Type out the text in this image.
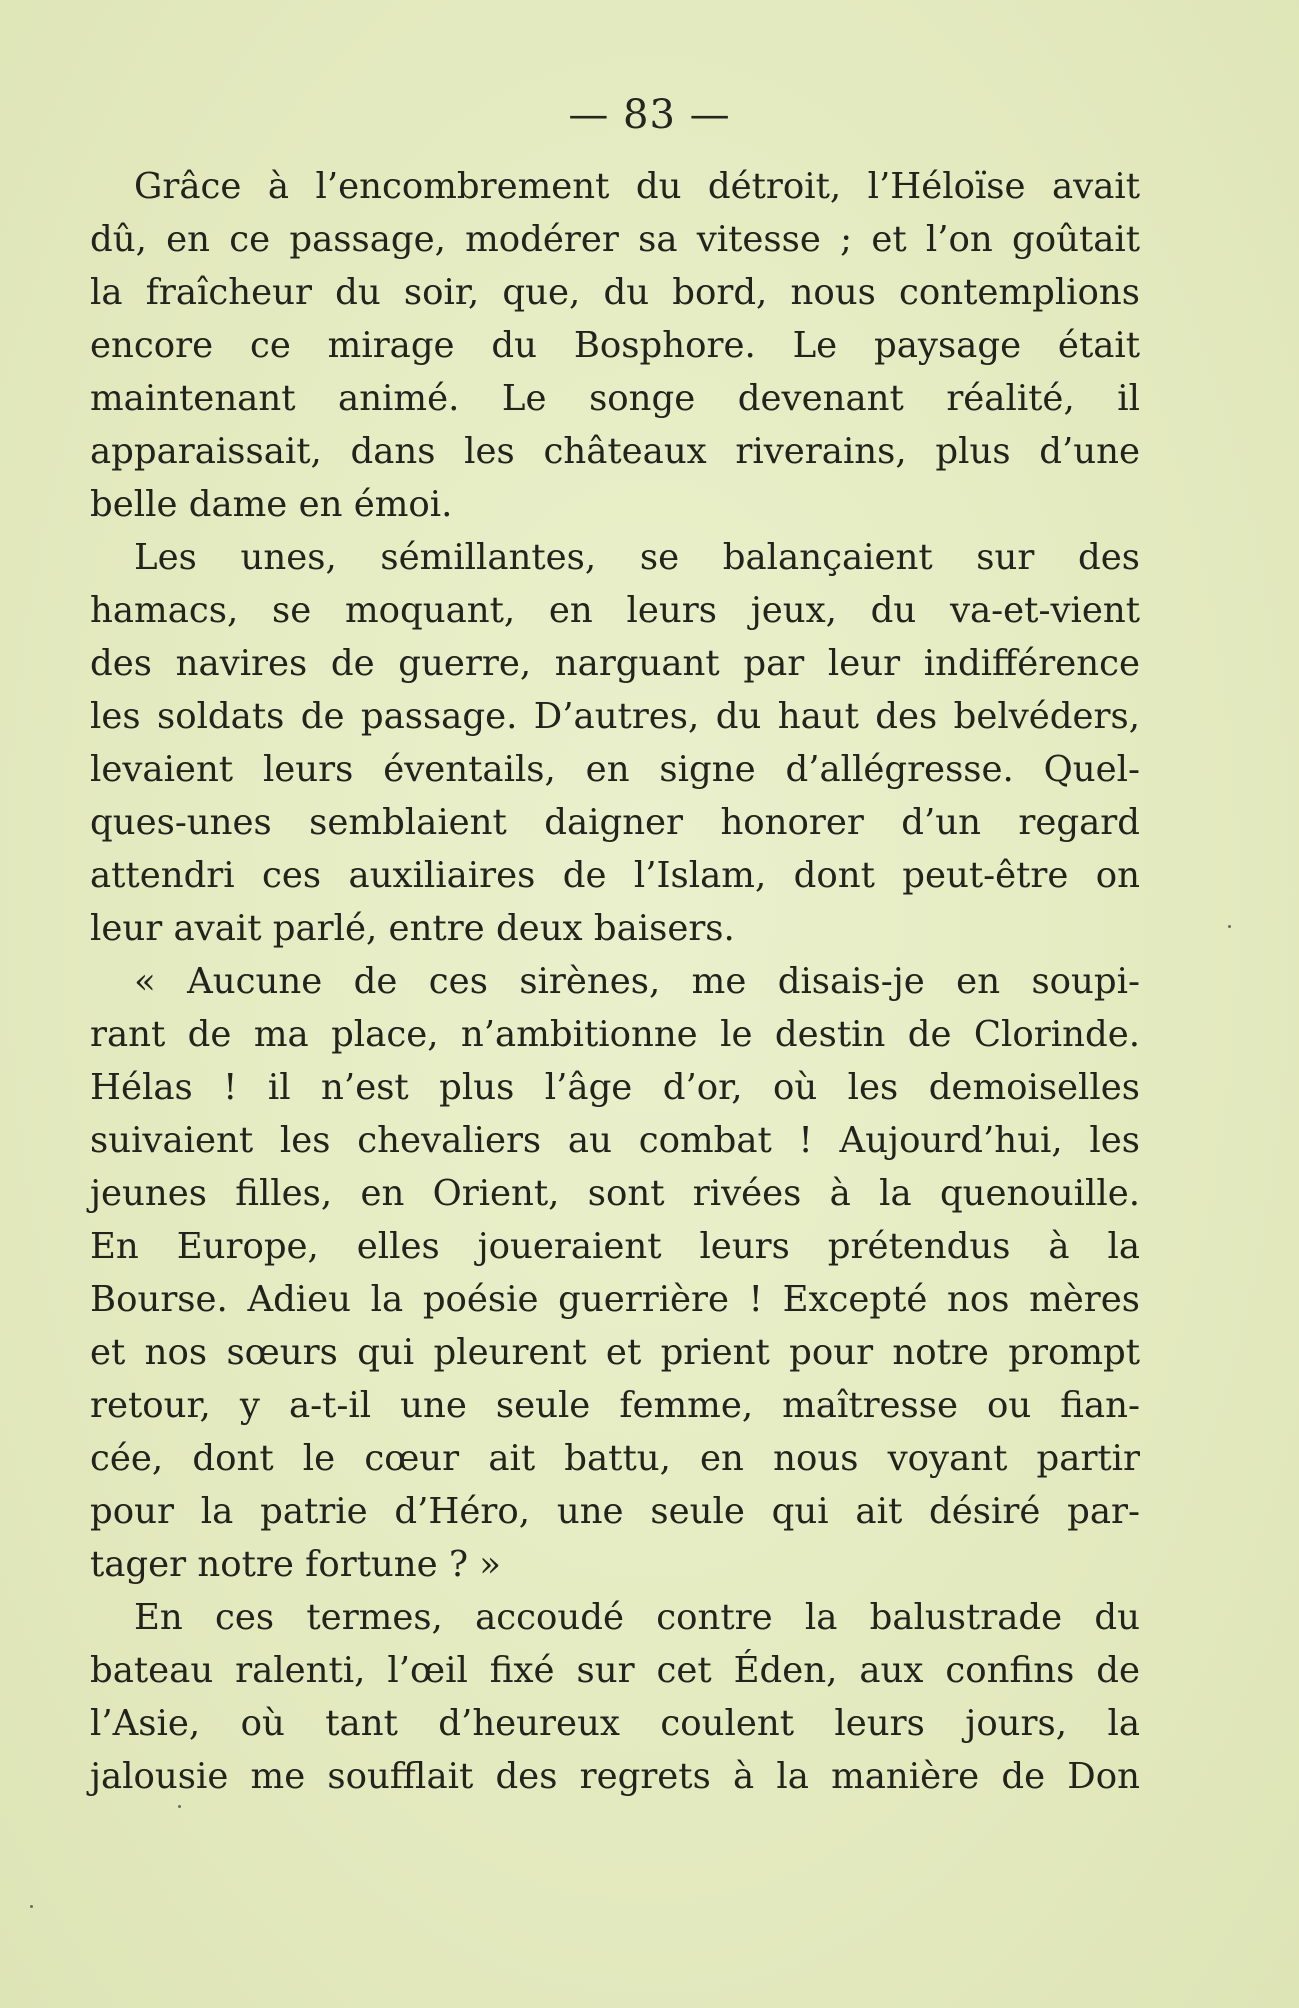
— 83 —
Grâce à l’encombrement du détroit, l’Héloïse avait
dû, en ce passage, modérer sa vitesse ; et l’on goûtait
la fraîcheur du soir, que, du bord, nous contemplions
encore ce mirage du Bosphore. Le paysage était
maintenant animé. Le songe devenant réalité, il
apparaissait, dans les châteaux riverains, plus d’une
belle dame en émoi.
Les unes, sémillantes, se balançaient sur des
hamacs, se moquant, en leurs jeux, du va-et-vient
des navires de guerre, narguant par leur indifférence
les soldats de passage. D’autres, du haut des belvéders,
levaient leurs éventails, en signe d’allégresse. Quel-
ques-unes semblaient daigner honorer d’un regard
attendri ces auxiliaires de l’Islam, dont peut-être on
leur avait parlé, entre deux baisers.
« Aucune de ces sirènes, me disais-je en soupi-
rant de ma place, n’ambitionne le destin de Clorinde.
Hélas ! il n’est plus l’âge d’or, où les demoiselles
suivaient les chevaliers au combat ! Aujourd’hui, les
jeunes filles, en Orient, sont rivées à la quenouille.
En Europe, elles joueraient leurs prétendus à la
Bourse. Adieu la poésie guerrière ! Excepté nos mères
et nos sœurs qui pleurent et prient pour notre prompt
retour, y a-t-il une seule femme, maîtresse ou fian-
cée, dont le cœur ait battu, en nous voyant partir
pour la patrie d’Héro, une seule qui ait désiré par-
tager notre fortune ? »
En ces termes, accoudé contre la balustrade du
bateau ralenti, l’œil fixé sur cet Éden, aux confins de
l’Asie, où tant d’heureux coulent leurs jours, la
jalousie me soufflait des regrets à la manière de Don
